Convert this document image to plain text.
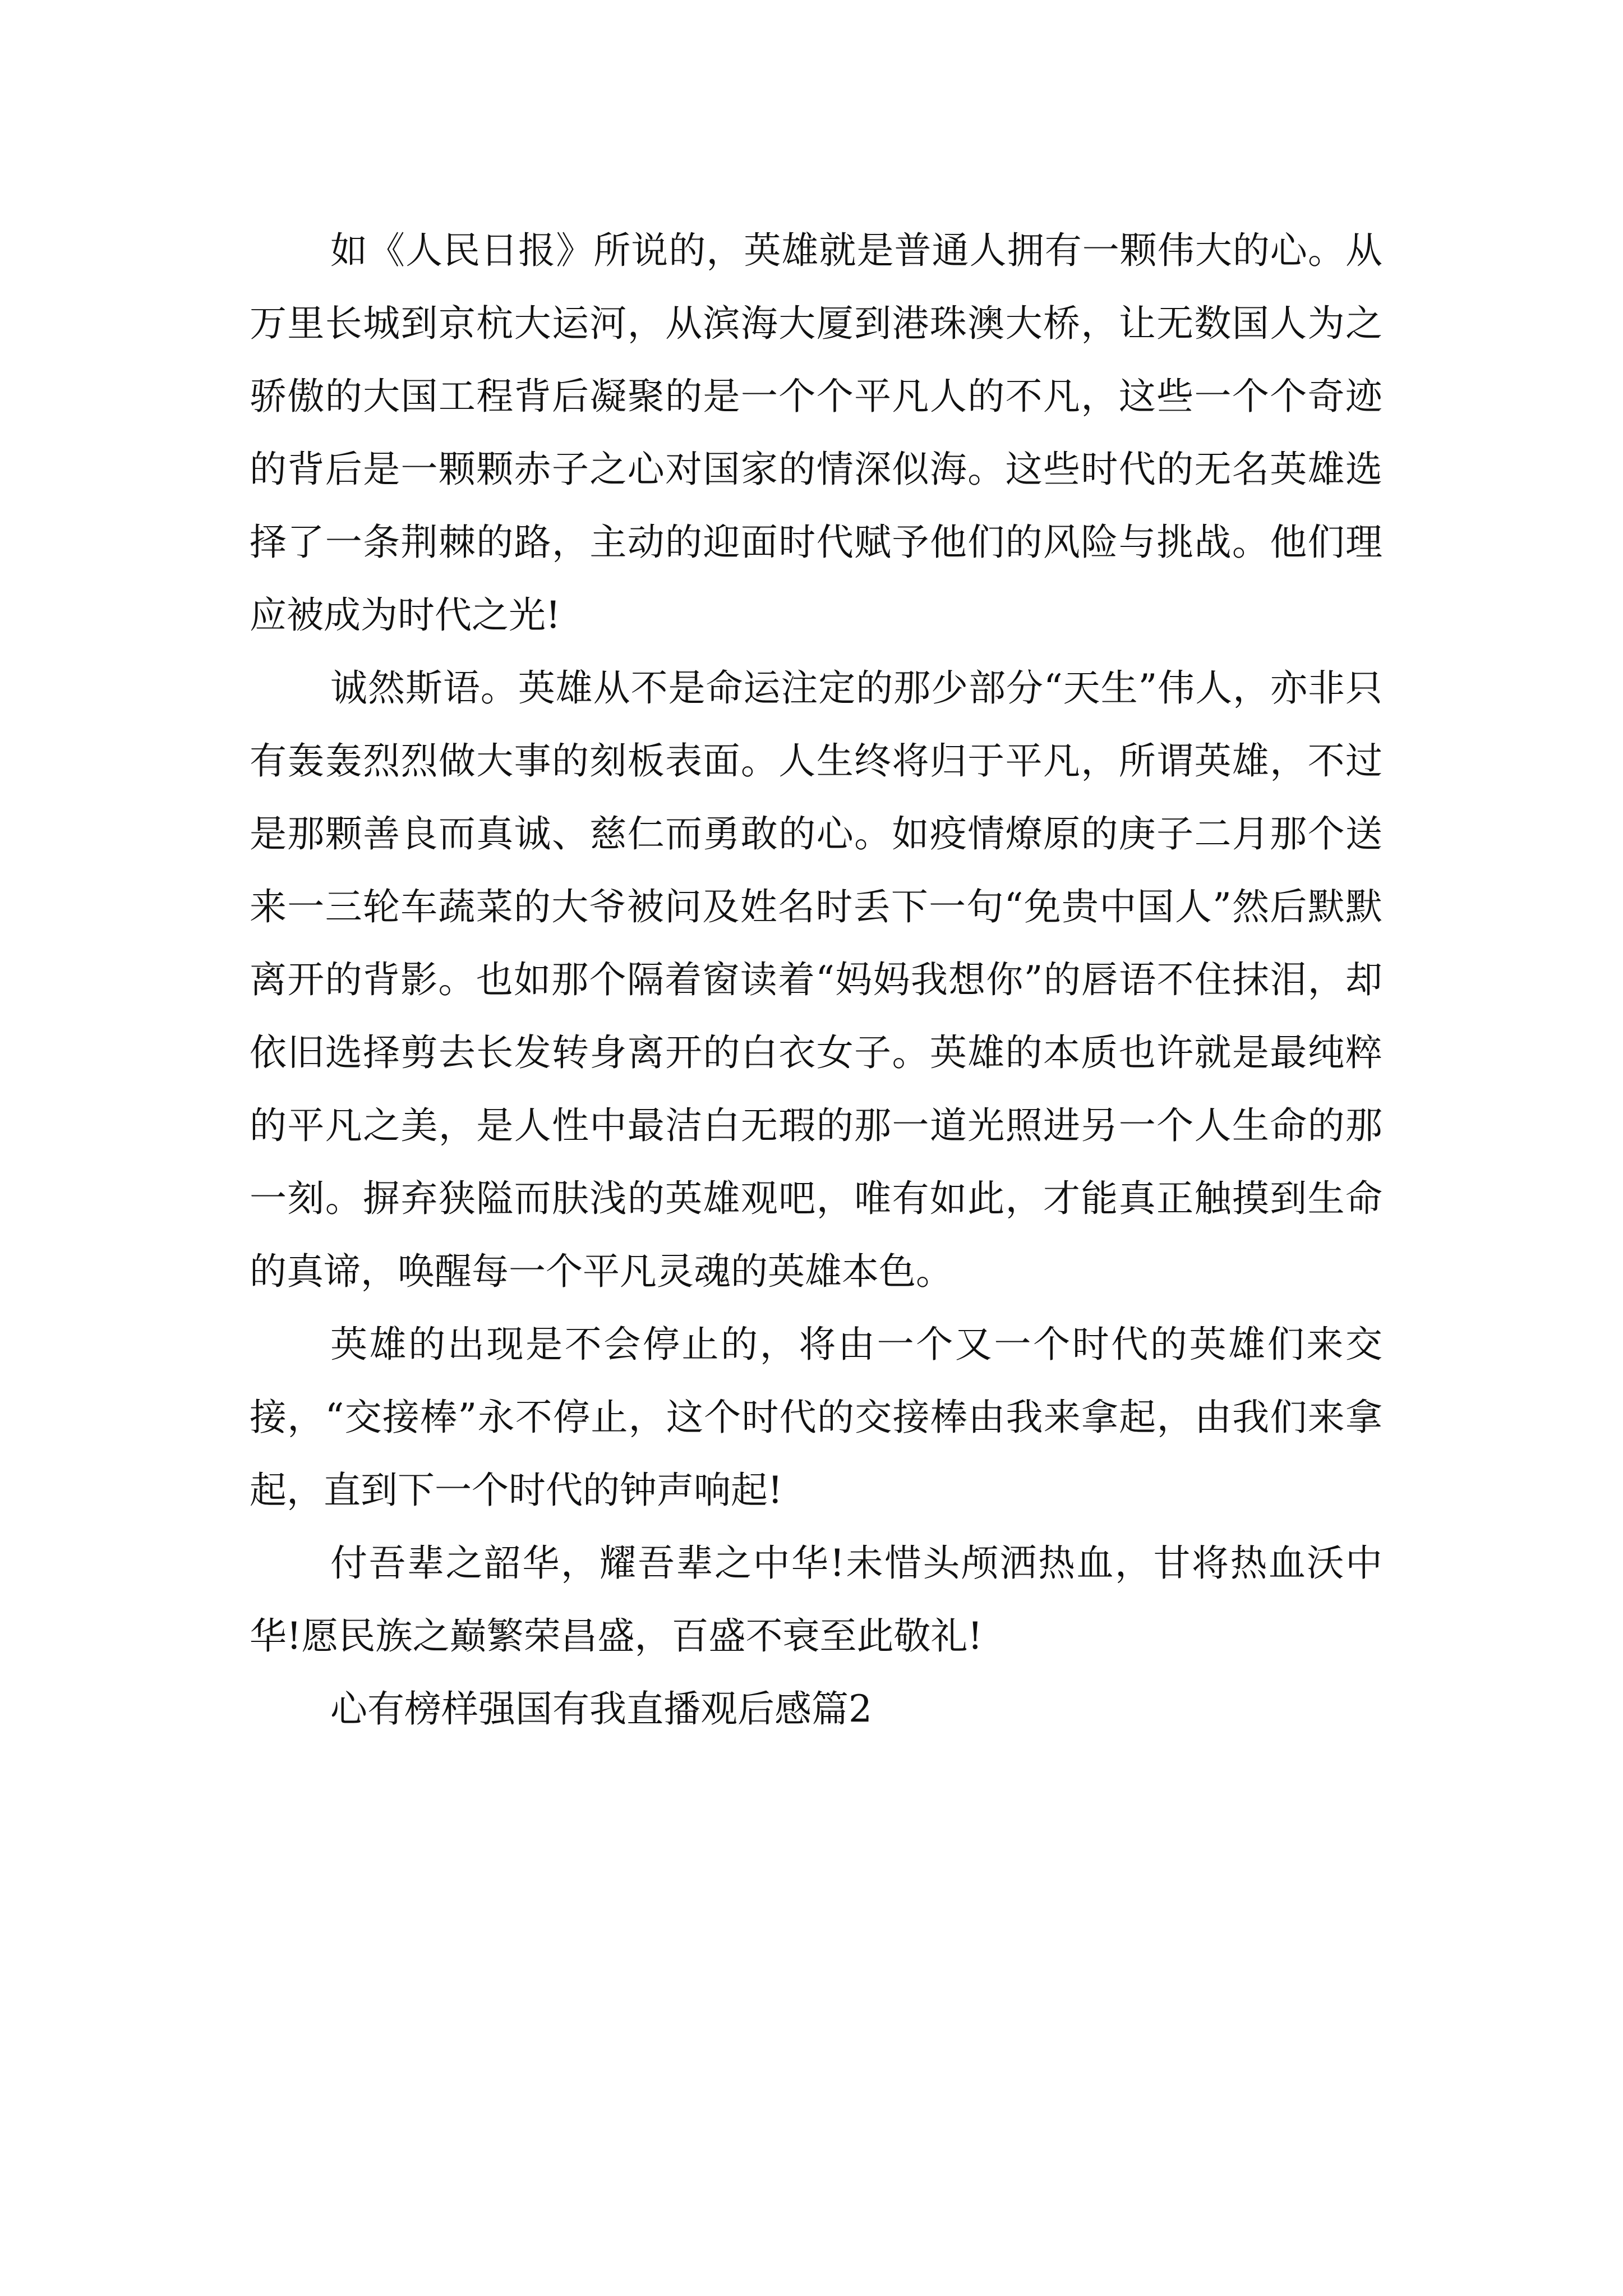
如《人民日报》所说的，英雄就是普通人拥有一颗伟大的心。从万里长城到京杭大运河，从滨海大厦到港珠澳大桥，让无数国人为之骄傲的大国工程背后凝聚的是一个个平凡人的不凡，这些一个个奇迹的背后是一颗颗赤子之心对国家的情深似海。这些时代的无名英雄选择了一条荆棘的路，主动的迎面时代赋予他们的风险与挑战。他们理应被成为时代之光!

诚然斯语。英雄从不是命运注定的那少部分“天生”伟人，亦非只有轰轰烈烈做大事的刻板表面。人生终将归于平凡，所谓英雄，不过是那颗善良而真诚、慈仁而勇敢的心。如疫情燎原的庚子二月那个送来一三轮车蔬菜的大爷被问及姓名时丢下一句“免贵中国人”然后默默离开的背影。也如那个隔着窗读着“妈妈我想你”的唇语不住抹泪，却依旧选择剪去长发转身离开的白衣女子。英雄的本质也许就是最纯粹的平凡之美，是人性中最洁白无瑕的那一道光照进另一个人生命的那一刻。摒弃狭隘而肤浅的英雄观吧，唯有如此，才能真正触摸到生命的真谛，唤醒每一个平凡灵魂的英雄本色。

英雄的出现是不会停止的，将由一个又一个时代的英雄们来交接，“交接棒”永不停止，这个时代的交接棒由我来拿起，由我们来拿起，直到下一个时代的钟声响起!

付吾辈之韶华，耀吾辈之中华!未惜头颅洒热血，甘将热血沃中华!愿民族之巅繁荣昌盛，百盛不衰至此敬礼!

心有榜样强国有我直播观后感篇2
